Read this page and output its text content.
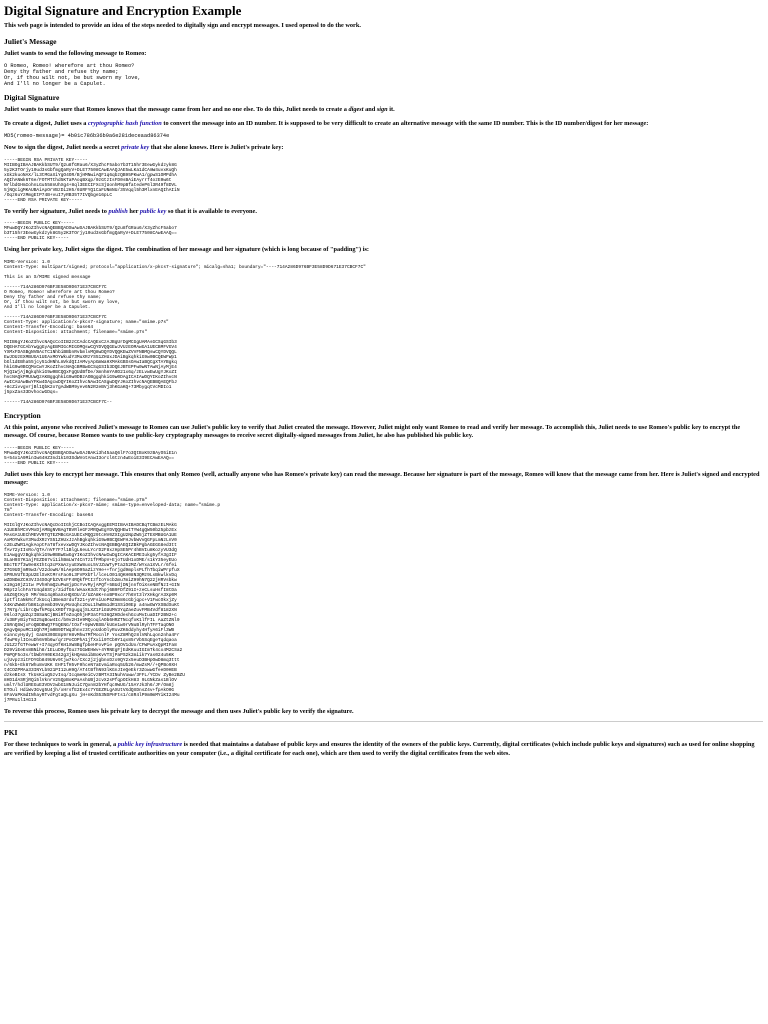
Digital Signature and Encryption Example

This web page is intended to provide an idea of the steps needed to digitally sign and encrypt messages. I used openssl to do the work.

Juliet's Message

Juliet wants to send the following message to Romeo:

O Romeo, Romeo! wherefore art thou Romeo?
Deny thy father and refuse thy name;
Or, if thou wilt not, be but sworn my love,
And I'll no longer be a Capulet.
Digital Signature

Juliet wants to make sure that Romeo knows that the message came from her and no one else. To do this, Juliet needs to create a digest and sign it.

To create a digest, Juliet uses a cryptographic hash function to convert the message into an ID number. It is supposed to be very difficult to create an alternative message with the same ID number. This is the ID number/digest for her message:

MD5(romeo-message)= 4b01c786b36b9a6e281deceaad86374e

Now to sign the digest, Juliet needs a secret private key that she alone knows. Here is Juliet's private key:

-----BEGIN RSA PRIVATE KEY-----
MIIBOgIBAAJBAKkbSUT9/Q2u8fGRau6/X3yZhcF5abo7b3T15hr3EewGykdzyk8G
5y2K3TOrjy10ud3sGbfmgQaRyV+DLE77508CAwEAAQJAE5wLKa1dCAmW4uvxKuQh
xGk2kuoNAX/lL3tMGaXiYgO4OR/BjHMNwiAQF1q6qbzQB95PKwA1/gpwS1OMPdhA
AQIhANWk6T6e/FOTMTthd5KTaPAoqBXqp/0zGtzIsFD0sBAiEAyrrf4ozE0w6t
NrlbdGHmIohnLGu558nUhXg4+8ql3EECIFXcSjUonhM9pBfatedeP6l3R49f8DVL
5jNQcigMKAUBAiApOrVBzDi2H5/6URFYQ1CaFUNmNU/35Vqql5h3MlxnEAQIhAIiN
/Oqz6uYzMmgEtP74B+vuI7yRB35T7IVQbge16pLC
-----END RSA PRIVATE KEY-----

To verify her signature, Juliet needs to publish her public key so that it is available to everyone.

-----BEGIN PUBLIC KEY-----
MFwwDQYJKoZIhvcNAQEBBQADSwAwSAJBAKkbSUT9/Q2u8fGRau6/X3yZhcF5abo7
b3T15hr3EewGykdzyk8G5y2K3TOrjy10ud3sGbfmgQaRyV+DLE77508CAwEAAQ==
-----END PUBLIC KEY-----

Using her private key, Juliet signs the digest. The combination of her message and her signature (which is long because of "padding") is:

MIME-Version: 1.0
Content-Type: multipart/signed; protocol="application/x-pkcs7-signature"; micalg=sha1; boundary="----714A286D976BF3E58D9D671E37CBCF7C"

This is an S/MIME signed message

------714A286D976BF3E58D9D671E37CBCF7C
O Romeo, Romeo! wherefore art thou Romeo?
Deny thy father and refuse thy name;
Or, if thou wilt not, be but sworn my love,
And I'll no longer be a Capulet.

------714A286D976BF3E58D9D671E37CBCF7C
Content-Type: application/x-pkcs7-signature; name="smime.p7s"
Content-Transfer-Encoding: base64
Content-Disposition: attachment; filename="smime.p7s"

MIIB6gYJKoZIhvcNAQcCoIIB2zCCAdcCAQExCzAJBgUrDgMCGgUAMAsGCSqGSIb3
DQEHATGCAbYwggGyAgEBMIGcMIGOMQswCQYDVQQGEwJVUzEOMAwGA1UECBMFVGV4
YXMxFDASBgNVBAcTC1NhbiBBbnRvbmlvMQ8wDQYDVQQKEwZVVFNBMQswCQYDVQQL
EwJDUzEXMBUGA1UEAxMOYWkudY3MuXRzYS51ZHUxJDAiBgkqhkiG9w0BCQEWFWp1
bGl1dEBha55jcy51dHNhLmVkdQIJAMvyApGmWaHXMAkGBSsOAwIaBQCgXTAYBgkq
hkiG9w0BCQMxCwYJKoZIhvcNAQcBMBwGCSqGSIb3DQEJBTEPFw0wNTAwNjAyMjE4
MjQ1WjAjBgkqhkiG9w0BCQQxFgQUdBfDe/XmnhmYA0D21x6q/zELvwEwUgYJKoZI
hvcNAQkPMUUwQzAKBggqhkiG9w0DBzAOBggqhkiG9w0DAgICAIAwDQYIKoZIhvcN
AwICAUAwBwYFKw4DAgcwDQYIKoZIhvcNAwICASgwDQYJKoZIhvcNAQEBBQAEQFbJ
+8cZivvgvrjBl1QbK2o7gAdWBM9yev6N2R2eBVj3hKGaKQ+73MbygqtVcMDIo1
j5pxZas33DvhocwGDqs=

------714A286D976BF3E58D9D671E37CBCF7C--
Encryption

At this point, anyone who received Juliet's message to Romeo can use Juliet's public key to verify that Juliet created the message. However, Juliet might only want Romeo to read and verify her message. To accomplish this, Juliet needs to use Romeo's public key to encrypt the message. Of course, because Romeo wants to use public-key cryptography messages to receive secret digitally-signed messages from Juliet, he also has published his public key.

-----BEGIN PUBLIC KEY-----
MFwwDQYJKoZIhvcNAQEBBQADSwAwSAJBAKi3h45aaQ6lF7o3QtBxK9zBAyO5iE1n
5+54x1A9MinIw64HZ3nd1k103SdWVotAnwI3orcl6tzn4wEoiE3I9ECAwEAAQ==
-----END PUBLIC KEY-----

Juliet uses this key to encrypt her message. This ensures that only Romeo (well, actually anyone who has Romeo's private key) can read the message. Because her signature is part of the message, Romeo will know that the message came from her. Here is Juliet's signed and encrypted message:

MIME-Version: 1.0
Content-Disposition: attachment; filename="smime.p7m"
Content-Type: application/x-pkcs7-mime; smime-type=enveloped-data; name="smime.p
7m"
Content-Transfer-Encoding: base64

MIIGlQYJKoZIhvcNAQcDoIIGhjCCBoICAQAxggEEMIIBAAIBADCBqTCBmzELMAkG
A1UEBhMCVVMxDjAMBgNVBAgTBVRleGFzMRQwEgYDVQQHEwtTYW4gQW50b25pbzEx
MAsGA1UEChMEVVRTQTEZMBcGA1UECxMQQ29tcHV0ZXIgU2NpZW5jZTEXMBUGA1UE
AxMOYWkuY3MudXRzYS51ZHUxJzAhBgkqhkiG9w0BCQEWFHJvbWVvQGFpLmNzLnV0
c2EuZWR1AgkAoptFaT8fxevxwDQYJKoZIhvcNAQEBBQAEQIZBkPgbAGEGG8ed3tt
fAv72yIIsRo/QTA/nVF7F7l1BlgL6euLYcrD2F8xzHpSE5Pr4hBVIu8KozyVU3dQ
E1AwggVzBgkqhkiG9w0BBwEwGgYIKoZIhvcNAwIwDgICAKACEMEIukg5yfA3gIIF
SLaH9S7K1ajFEZD87vi1ihBmLW74CnTz1fFMbpV+EjoTUdH1oDME/s1kY35eyEUo
BEcTE7f3w9e8XIhtq3cPXmAzyuEXW8uoL5VJZuWTyPta252MZ/WYxa1XVLr/6fei
Z7G9UDjmR9w3/V22dowN/9iAep6O95aZizYHe++fnrjgd9mplsPLfhTbqiWPrpfuX
SPRUVUfE3pU2ElSvKtMrsFao9L3FVPXbTl/lceLO014QKH08N3QMz9LsBkwlkvDq
wZDNDmZCH3VJ34SOqFbZVEsFF4RQkfPtIzfIoYncb2mu7miZ99hN7Q22jHRVsbkw
x19g10jZ1tw PVhHhmQ2uPw8jpDcYvvMyjAPQf+5BUdjDNjnnfOiXseNBfNzI+GIN
M8pt2lchFa7U4qd8Sty/3idfG6/WAaxK3dt7hpj6B9FDfZ91I+zeCLsuHsfI8tDa
a5Z6QtKyO MM/9m14q0baXxHQXDU/Z/UZA8K+noBP9xcr7h6Vt3lYXHkgrA3Xp0M
iptfltaNkRcfJkUcql3Bem3rduf321+yVFsiUoP6ZHm86cGbjqpc+V1FwcOkxjZy
X4KnZWWGrbB61qXemb39VayMxUqhc2OuL1hWBm1dR1SSiO0Ep a4nwGWYXSBdSuKt
j7N7g/LibrcQwfkPGpLXRDf7XgugqjSLXZ1FiGUUMV3YqZaeZuvFMB4Vdf8182XN
96lo37gUZqzIBSaNCjBNiRfeZoqOhjHP3atF536QZHDdeshGcuMvIuaDIF2BN2+c
/u3BFyBiyTmI25qBow4Ic/b0v2HIe9MQcoqlAOb6HRZTNcqfoK1lfFIL AaZtZNl9
25RnQSWjxFoQBDBWQ7F5QENG/tOxf+9pWVBSB/kUGe1w9rVNuBlRyhTFFTaqONO
QAgvQmpuMC1UQh7Mjm0B9DTWq3hnvz3tyoUdoOlyRuvZK6ddyhy4HfyA6iFl3WB
einncyHydyj GaUH30SE8p9rH8vMhw7MfMocnlF YosZ8MhQz8lVNhLqon2nha4Fr
f4wP6ylICeuDh6V0b6w/qrzPoCDPhA1jfXxii9TCb0Y1qx85rVb5SqEgeTqdqaoa
JU1ZzfGTFewWr+I74qyOfKH1XW8BgfpbeHFovPie pQOV1dUo/CFWPuAxQpMIFa8
D29ViEeEs8BNih8/1ELuD0yfGuz7GGWEHWv+4YRNEgFjEdKKuuIGImTk4cx4M2CSa2
PmPQF5o3s/tbWbYH0EK342g3jkHQAmaibBoKvVTSjPaPS2k2miik7Yas024u5KK
ujUvpz3itFDYGb849U6v9tjw7ko/CXc2j2jgbnoDzo9QY2x5euD3BHpOwD8mq3ttt
n/6kb+Ek87Whu8vUKK EHF1fH5vF0hceN7aEvmiaRoq5Ub26/mwZsM//+QPBo9XH
t4COZPMAa33INYLb921PI12uH9Q/AT4tBfhN93lKGnJIeQeEkr3ZowwGfeeD0HEB
dzkeBIsX TkUsKiuQ5zvIsq/IcqmeNeiCvzBMTA3INuhVuww/3FFL/YCDv ZyBe2BZU
8HD1dASRjRQi5lVknrV25QpBoKPaAshUBj2cvX2sPfqpOIkH83 9LGNkZas1BlOV
uml7/hdlUREGuE3VDVzwbG18NJuiC7Qxn82bYHfqc9WUG/15AYJk3h6/JF/Om8j
ETOul HdiWv3Gvg5U4jh/xHrsfE2Ex4c7YGEZRLgAXUtVXdQXDnsZ4v+fpAkO0G
8FaVaPKmdINhayRTvdFgtaQLgXu jH+nKdS53NSPHFts1/c8R4lP9m0mMYiKI24Mu
j7PRu1lIAG13

To reverse this process, Romeo uses his private key to decrypt the message and then uses Juliet's public key to verify the signature.

PKI

For these techniques to work in general, a public key infrastructure is needed that maintains a database of public keys and ensures the identity of the owners of the public keys. Currently, digital certificates (which include public keys and signatures) such as used for online shopping are verified by keeping a list of trusted certificate authorities on your computer (i.e., a digital certificate for each one), which are then used to verify the digital certificates from the web sites.
